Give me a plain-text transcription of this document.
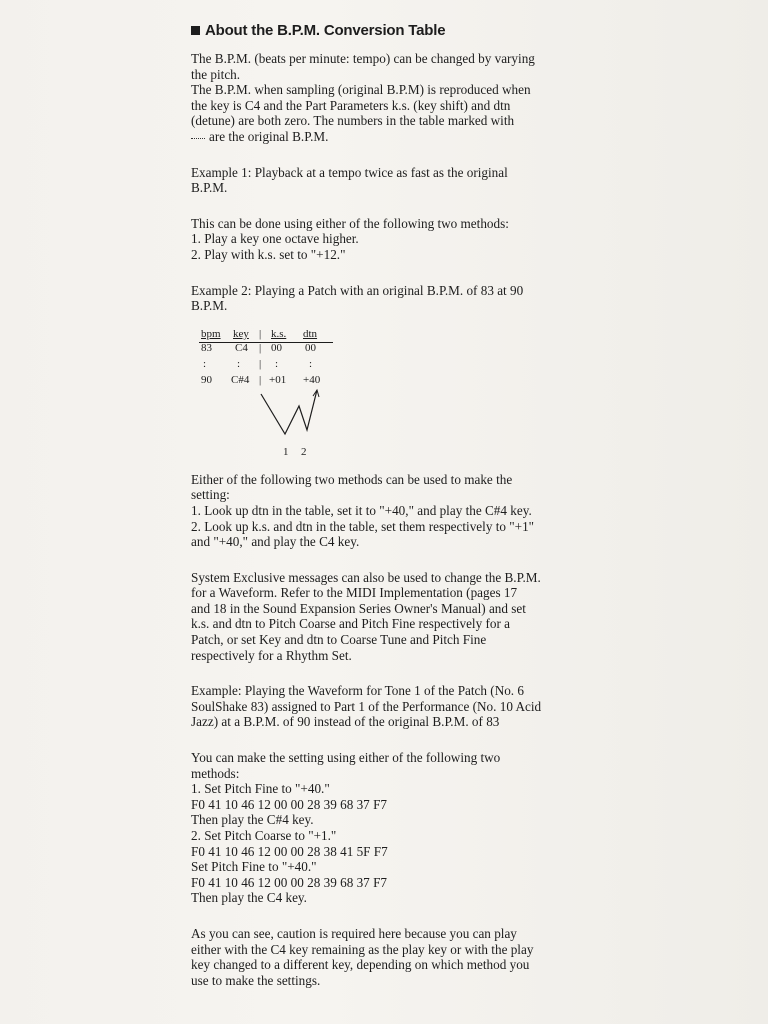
About the B.P.M. Conversion Table

The B.P.M. (beats per minute: tempo) can be changed by varying
the pitch.
The B.P.M. when sampling (original B.P.M) is reproduced when
the key is C4 and the Part Parameters k.s. (key shift) and dtn
(detune) are both zero. The numbers in the table marked with
are the original B.P.M.

Example 1: Playback at a tempo twice as fast as the original
B.P.M.

This can be done using either of the following two methods:
1. Play a key one octave higher.
2. Play with k.s. set to "+12."

Example 2: Playing a Patch with an original B.P.M. of 83 at 90
B.P.M.

bpm key | k.s. dtn
83 C4 | 00 00
:	: | :	:
90 C#4 | +01 +40
1 2

Either of the following two methods can be used to make the
setting:
1. Look up dtn in the table, set it to "+40," and play the C#4 key.
2. Look up k.s. and dtn in the table, set them respectively to "+1"
and "+40," and play the C4 key.

System Exclusive messages can also be used to change the B.P.M.
for a Waveform. Refer to the MIDI Implementation (pages 17
and 18 in the Sound Expansion Series Owner's Manual) and set
k.s. and dtn to Pitch Coarse and Pitch Fine respectively for a
Patch, or set Key and dtn to Coarse Tune and Pitch Fine
respectively for a Rhythm Set.

Example: Playing the Waveform for Tone 1 of the Patch (No. 6
SoulShake 83) assigned to Part 1 of the Performance (No. 10 Acid
Jazz) at a B.P.M. of 90 instead of the original B.P.M. of 83

You can make the setting using either of the following two
methods:
1. Set Pitch Fine to "+40."
F0 41 10 46 12 00 00 28 39 68 37 F7
Then play the C#4 key.
2. Set Pitch Coarse to "+1."
F0 41 10 46 12 00 00 28 38 41 5F F7
Set Pitch Fine to "+40."
F0 41 10 46 12 00 00 28 39 68 37 F7
Then play the C4 key.

As you can see, caution is required here because you can play
either with the C4 key remaining as the play key or with the play
key changed to a different key, depending on which method you
use to make the settings.
